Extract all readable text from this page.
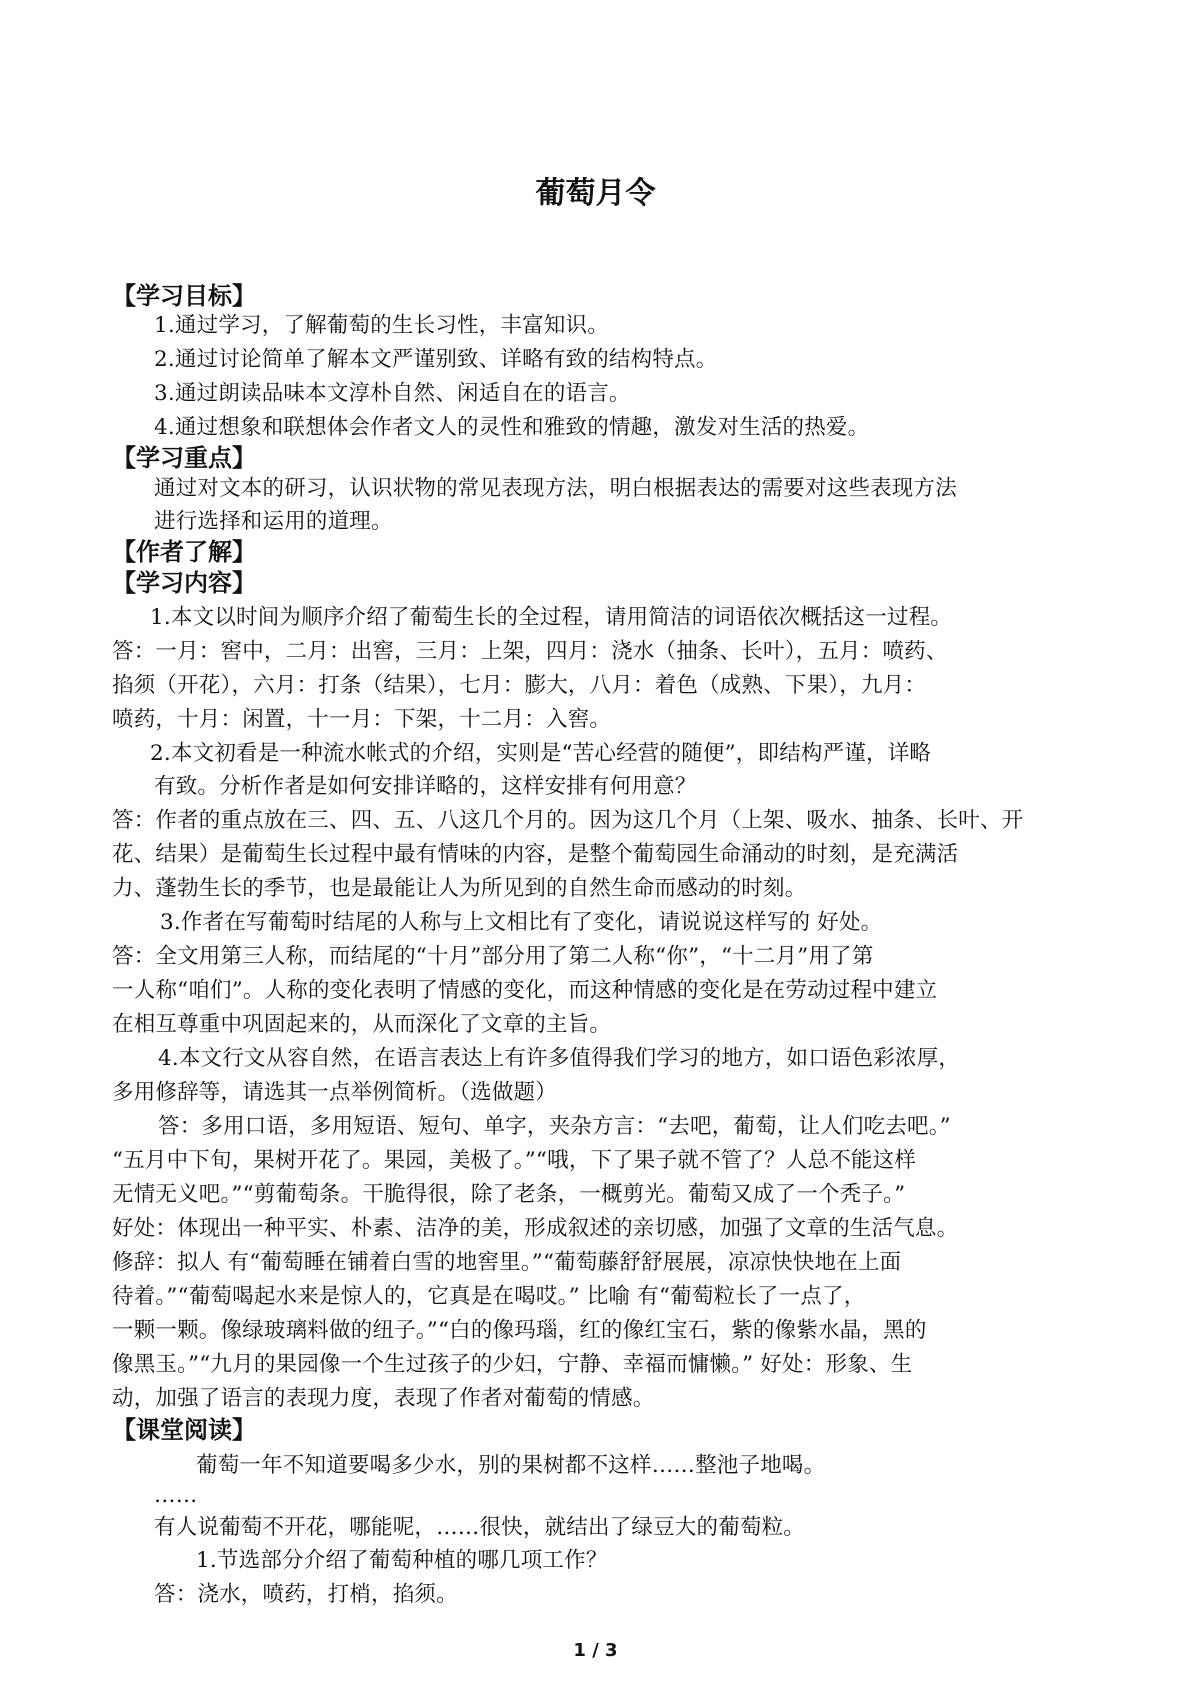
葡萄月令
【学习目标】
1.通过学习，了解葡萄的生长习性，丰富知识。
2.通过讨论简单了解本文严谨别致、详略有致的结构特点。
3.通过朗读品味本文淳朴自然、闲适自在的语言。
4.通过想象和联想体会作者文人的灵性和雅致的情趣，激发对生活的热爱。
【学习重点】
通过对文本的研习，认识状物的常见表现方法，明白根据表达的需要对这些表现方法
进行选择和运用的道理。
【作者了解】
【学习内容】
1.本文以时间为顺序介绍了葡萄生长的全过程，请用简洁的词语依次概括这一过程。
答：一月：窖中，二月：出窖，三月：上架，四月：浇水（抽条、长叶），五月：喷药、
掐须（开花），六月：打条（结果），七月：膨大，八月：着色（成熟、下果），九月：
喷药，十月：闲置，十一月：下架，十二月：入窖。
2.本文初看是一种流水帐式的介绍，实则是“苦心经营的随便”，即结构严谨，详略
有致。分析作者是如何安排详略的，这样安排有何用意？
答：作者的重点放在三、四、五、八这几个月的。因为这几个月（上架、吸水、抽条、长叶、开
花、结果）是葡萄生长过程中最有情味的内容，是整个葡萄园生命涌动的时刻，是充满活
力、蓬勃生长的季节，也是最能让人为所见到的自然生命而感动的时刻。
3.作者在写葡萄时结尾的人称与上文相比有了变化，请说说这样写的 好处。
答：全文用第三人称，而结尾的“十月”部分用了第二人称“你”，“十二月”用了第
一人称“咱们”。人称的变化表明了情感的变化，而这种情感的变化是在劳动过程中建立
在相互尊重中巩固起来的，从而深化了文章的主旨。
4.本文行文从容自然，在语言表达上有许多值得我们学习的地方，如口语色彩浓厚，
多用修辞等，请选其一点举例简析。（选做题）
答：多用口语，多用短语、短句、单字，夹杂方言：“去吧，葡萄，让人们吃去吧。”
“五月中下旬，果树开花了。果园，美极了。”“哦，下了果子就不管了？人总不能这样
无情无义吧。”“剪葡萄条。干脆得很，除了老条，一概剪光。葡萄又成了一个秃子。”
好处：体现出一种平实、朴素、洁净的美，形成叙述的亲切感，加强了文章的生活气息。
修辞：拟人 有“葡萄睡在铺着白雪的地窖里。”“葡萄藤舒舒展展，凉凉快快地在上面
待着。”“葡萄喝起水来是惊人的，它真是在喝哎。” 比喻 有“葡萄粒长了一点了，
一颗一颗。像绿玻璃料做的纽子。”“白的像玛瑙，红的像红宝石，紫的像紫水晶，黑的
像黑玉。”“九月的果园像一个生过孩子的少妇，宁静、幸福而慵懒。” 好处：形象、生
动，加强了语言的表现力度，表现了作者对葡萄的情感。
【课堂阅读】
葡萄一年不知道要喝多少水，别的果树都不这样……整池子地喝。
……
有人说葡萄不开花，哪能呢，……很快，就结出了绿豆大的葡萄粒。
1.节选部分介绍了葡萄种植的哪几项工作？
答：浇水，喷药，打梢，掐须。
1 / 3
